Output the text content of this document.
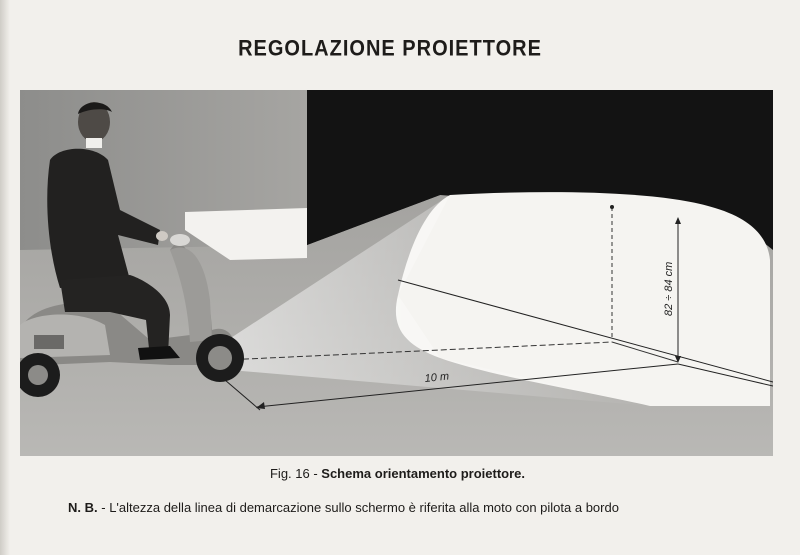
REGOLAZIONE PROIETTORE
82 ÷ 84 cm
10 m
Fig. 16 - Schema orientamento proiettore.
N. B. - L'altezza della linea di demarcazione sullo schermo è riferita alla moto con pilota a bordo
